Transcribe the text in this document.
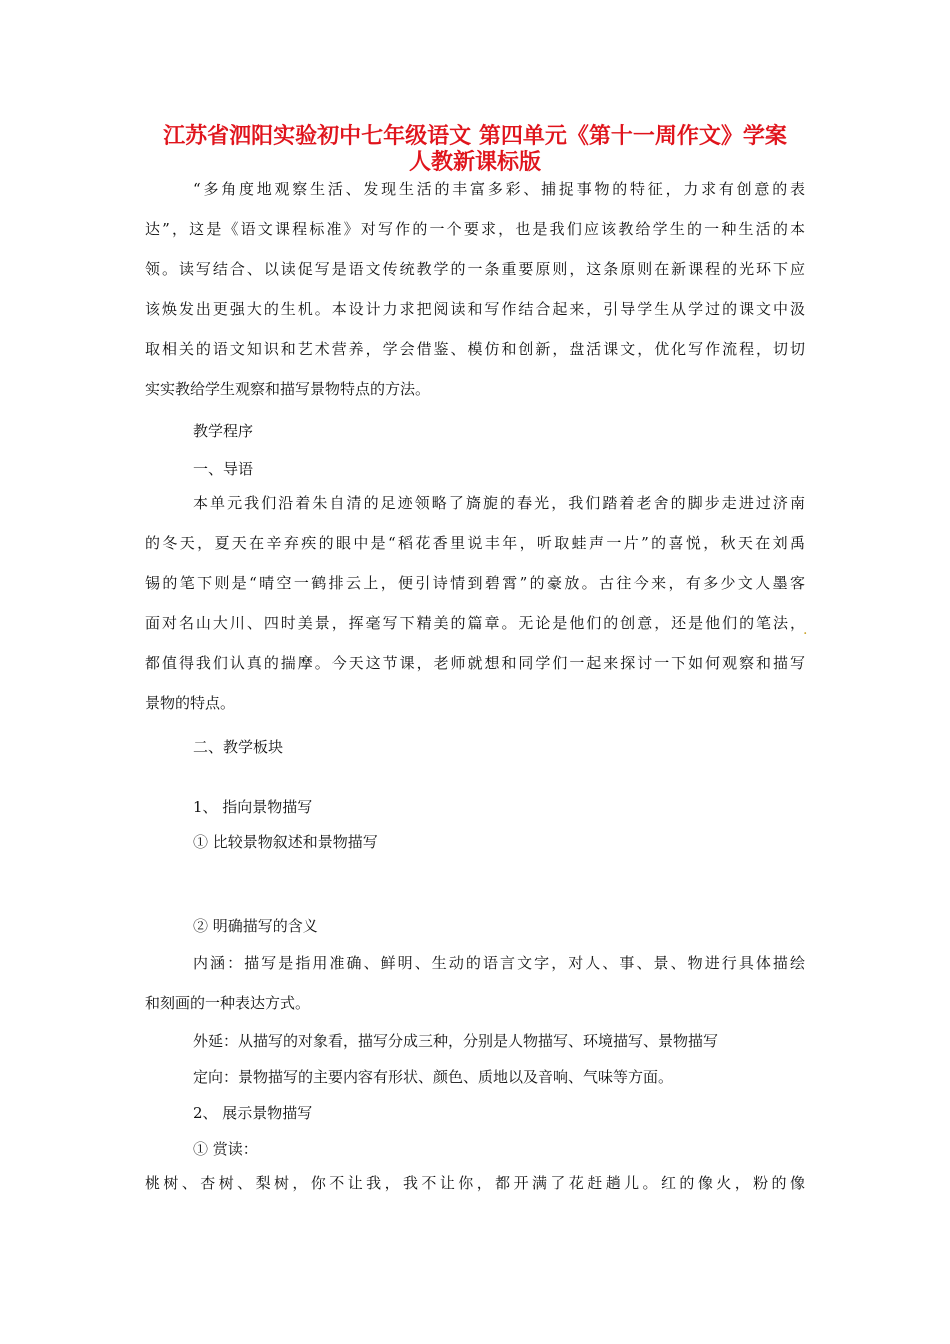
江苏省泗阳实验初中七年级语文 第四单元《第十一周作文》学案
人教新课标版
“多角度地观察生活、发现生活的丰富多彩、捕捉事物的特征，力求有创意的表
达”，这是《语文课程标准》对写作的一个要求，也是我们应该教给学生的一种生活的本
领。读写结合、以读促写是语文传统教学的一条重要原则，这条原则在新课程的光环下应
该焕发出更强大的生机。本设计力求把阅读和写作结合起来，引导学生从学过的课文中汲
取相关的语文知识和艺术营养，学会借鉴、模仿和创新，盘活课文，优化写作流程，切切
实实教给学生观察和描写景物特点的方法。
教学程序
一、导语
本单元我们沿着朱自清的足迹领略了旖旎的春光，我们踏着老舍的脚步走进过济南
的冬天，夏天在辛弃疾的眼中是“稻花香里说丰年，听取蛙声一片”的喜悦，秋天在刘禹
锡的笔下则是“晴空一鹤排云上，便引诗情到碧霄”的豪放。古往今来，有多少文人墨客
面对名山大川、四时美景，挥毫写下精美的篇章。无论是他们的创意，还是他们的笔法，
都值得我们认真的揣摩。今天这节课，老师就想和同学们一起来探讨一下如何观察和描写
景物的特点。
.
二、教学板块
1、 指向景物描写
① 比较景物叙述和景物描写
② 明确描写的含义
内涵：描写是指用准确、鲜明、生动的语言文字，对人、事、景、物进行具体描绘
和刻画的一种表达方式。
外延：从描写的对象看，描写分成三种，分别是人物描写、环境描写、景物描写
定向：景物描写的主要内容有形状、颜色、质地以及音响、气味等方面。
2、 展示景物描写
① 赏读：
桃树、杏树、梨树，你不让我，我不让你，都开满了花赶趟儿。红的像火，粉的像
